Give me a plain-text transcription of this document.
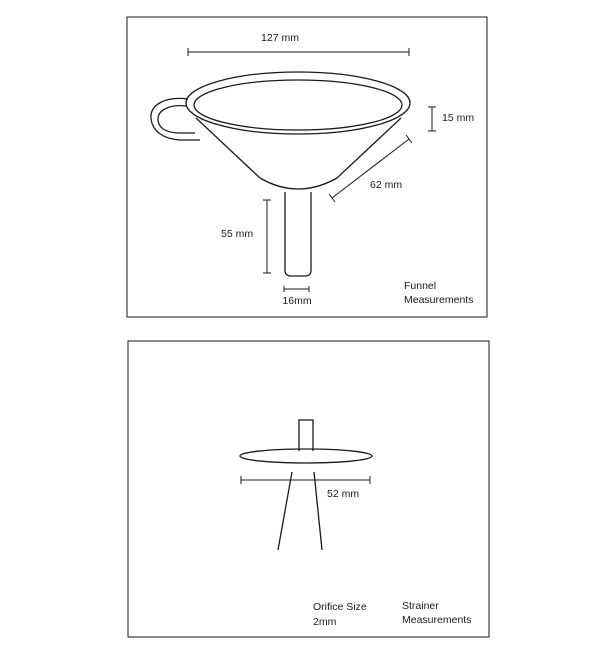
127 mm
15 mm
62 mm
55 mm
16mm
Funnel
Measurements
52 mm
Orifice Size
2mm
Strainer
Measurements
